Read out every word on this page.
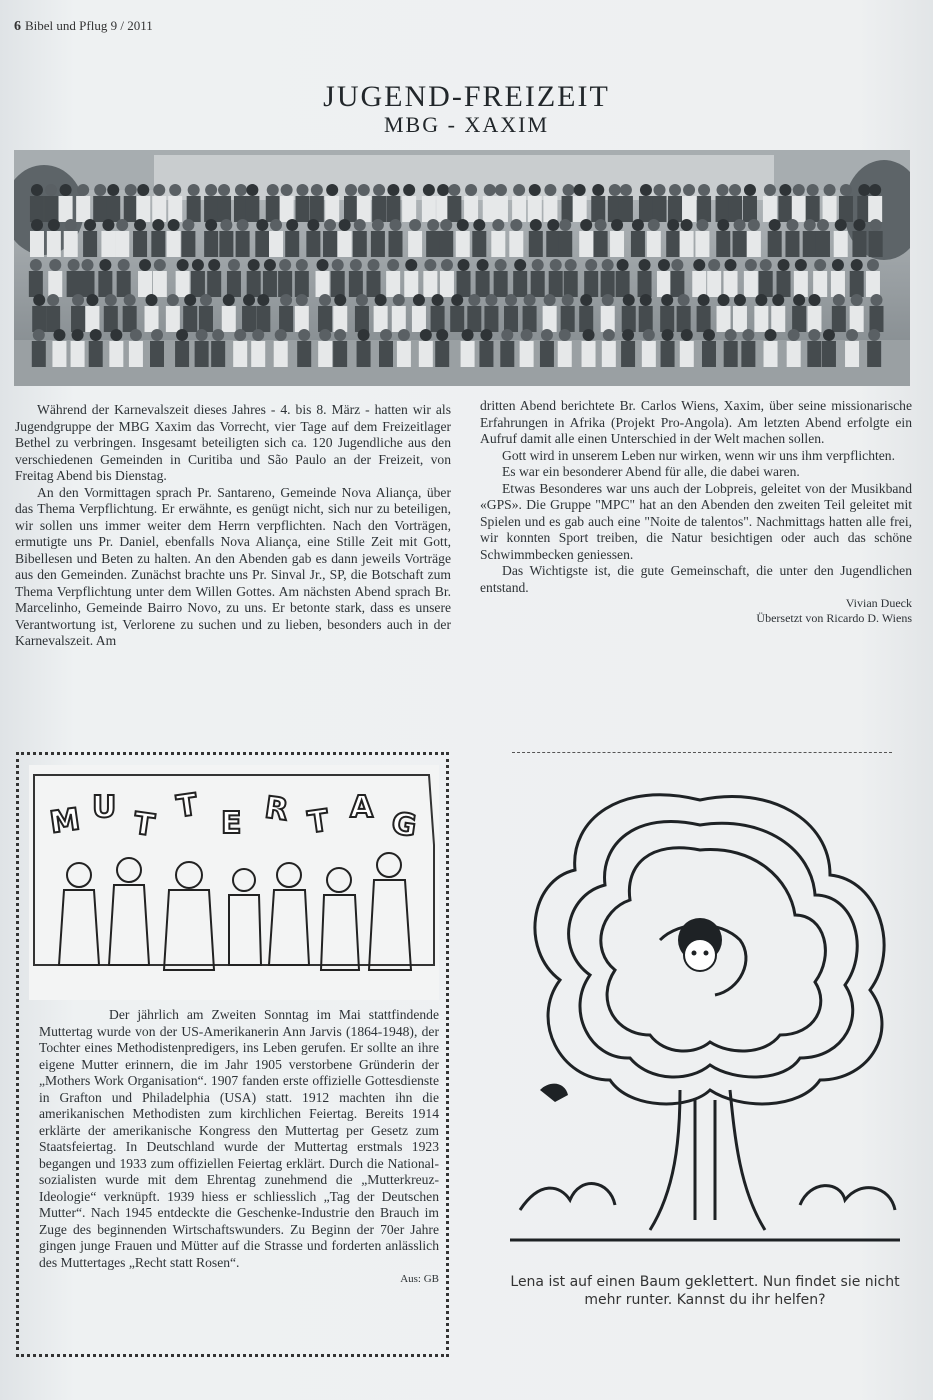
6 Bibel und Pflug 9 / 2011
JUGEND-FREIZEIT
MBG - XAXIM

Während der Karnevalszeit dieses Jahres - 4. bis 8. März - hatten wir als Jugendgruppe der MBG Xaxim das Vorrecht, vier Tage auf dem Freizeitlager Bethel zu verbringen. Insgesamt beteiligten sich ca. 120 Jugendliche aus den verschiedenen Gemeinden in Curitiba und São Paulo an der Freizeit, von Freitag Abend bis Dienstag.

An den Vormittagen sprach Pr. Santareno, Gemeinde Nova Aliança, über das Thema Verpflichtung. Er erwähnte, es genügt nicht, sich nur zu beteiligen, wir sollen uns immer weiter dem Herrn verpflichten. Nach den Vorträgen, ermutigte uns Pr. Daniel, ebenfalls Nova Aliança, eine Stille Zeit mit Gott, Bibellesen und Beten zu halten. An den Abenden gab es dann jeweils Vorträge aus den Gemeinden. Zunächst brachte uns Pr. Sinval Jr., SP, die Botschaft zum Thema Verpflichtung unter dem Willen Gottes. Am nächsten Abend sprach Br. Marcelinho, Gemeinde Bairro Novo, zu uns. Er betonte stark, dass es unsere Verantwortung ist, Verlorene zu suchen und zu lieben, besonders auch in der Karnevalszeit. Am

dritten Abend berichtete Br. Carlos Wiens, Xaxim, über seine missionarische Erfahrungen in Afrika (Projekt Pro-Angola). Am letzten Abend erfolgte ein Aufruf damit alle einen Unterschied in der Welt machen sollen.

Gott wird in unserem Leben nur wirken, wenn wir uns ihm verpflichten.

Es war ein besonderer Abend für alle, die dabei waren.

Etwas Besonderes war uns auch der Lobpreis, geleitet von der Musikband «GPS». Die Gruppe "MPC" hat an den Abenden den zweiten Teil geleitet mit Spielen und es gab auch eine "Noite de talentos". Nachmittags hatten alle frei, wir konnten Sport treiben, die Natur besichtigen oder auch das schöne Schwimmbecken geniessen.

Das Wichtigste ist, die gute Gemeinschaft, die unter den Jugendlichen entstand.

Vivian Dueck

Übersetzt von Ricardo D. Wiens

M U T T E R T A G

Der jährlich am Zweiten Sonntag im Mai stattfindende Muttertag wurde von der US-Amerikanerin Ann Jarvis (1864-1948), der Tochter eines Methodistenpredigers, ins Leben gerufen. Er sollte an ihre eigene Mutter erinnern, die im Jahr 1905 verstorbene Gründerin der „Mothers Work Organisation“. 1907 fanden erste offizielle Gottesdienste in Grafton und Philadelphia (USA) statt. 1912 machten ihn die amerikanischen Methodisten zum kirchlichen Feiertag. Bereits 1914 erklärte der amerikanische Kongress den Muttertag per Gesetz zum Staatsfeiertag. In Deutschland wurde der Muttertag erstmals 1923 begangen und 1933 zum offiziellen Feiertag erklärt. Durch die National-sozialisten wurde mit dem Ehrentag zunehmend die „Mutterkreuz-Ideologie“ verknüpft. 1939 hiess er schliesslich „Tag der Deutschen Mutter“. Nach 1945 entdeckte die Geschenke-Industrie den Brauch im Zuge des beginnenden Wirtschaftswunders. Zu Beginn der 70er Jahre gingen junge Frauen und Mütter auf die Strasse und forderten anlässlich des Muttertages „Recht statt Rosen“.

Aus: GB	Lena ist auf einen Baum geklettert. Nun findet sie nicht mehr runter. Kannst du ihr helfen?
